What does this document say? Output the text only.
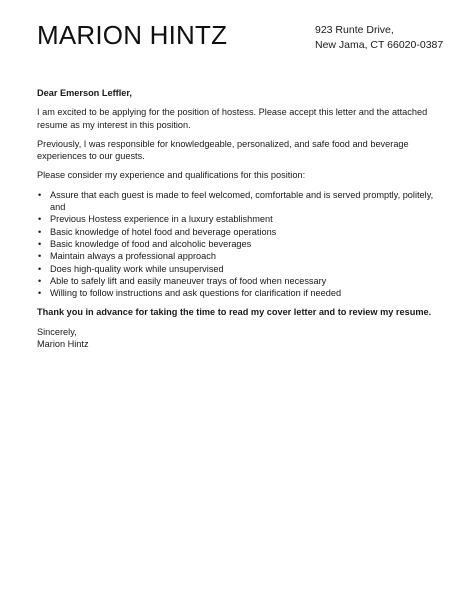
MARION HINTZ	923 Runte Drive,
New Jama, CT 66020-0387

Dear Emerson Leffler,

I am excited to be applying for the position of hostess. Please accept this letter and the attached resume as my interest in this position.

Previously, I was responsible for knowledgeable, personalized, and safe food and beverage experiences to our guests.

Please consider my experience and qualifications for this position:

• Assure that each guest is made to feel welcomed, comfortable and is served promptly, politely, and
• Previous Hostess experience in a luxury establishment
• Basic knowledge of hotel food and beverage operations
• Basic knowledge of food and alcoholic beverages
• Maintain always a professional approach
• Does high-quality work while unsupervised
• Able to safely lift and easily maneuver trays of food when necessary
• Willing to follow instructions and ask questions for clarification if needed

Thank you in advance for taking the time to read my cover letter and to review my resume.

Sincerely,
Marion Hintz
